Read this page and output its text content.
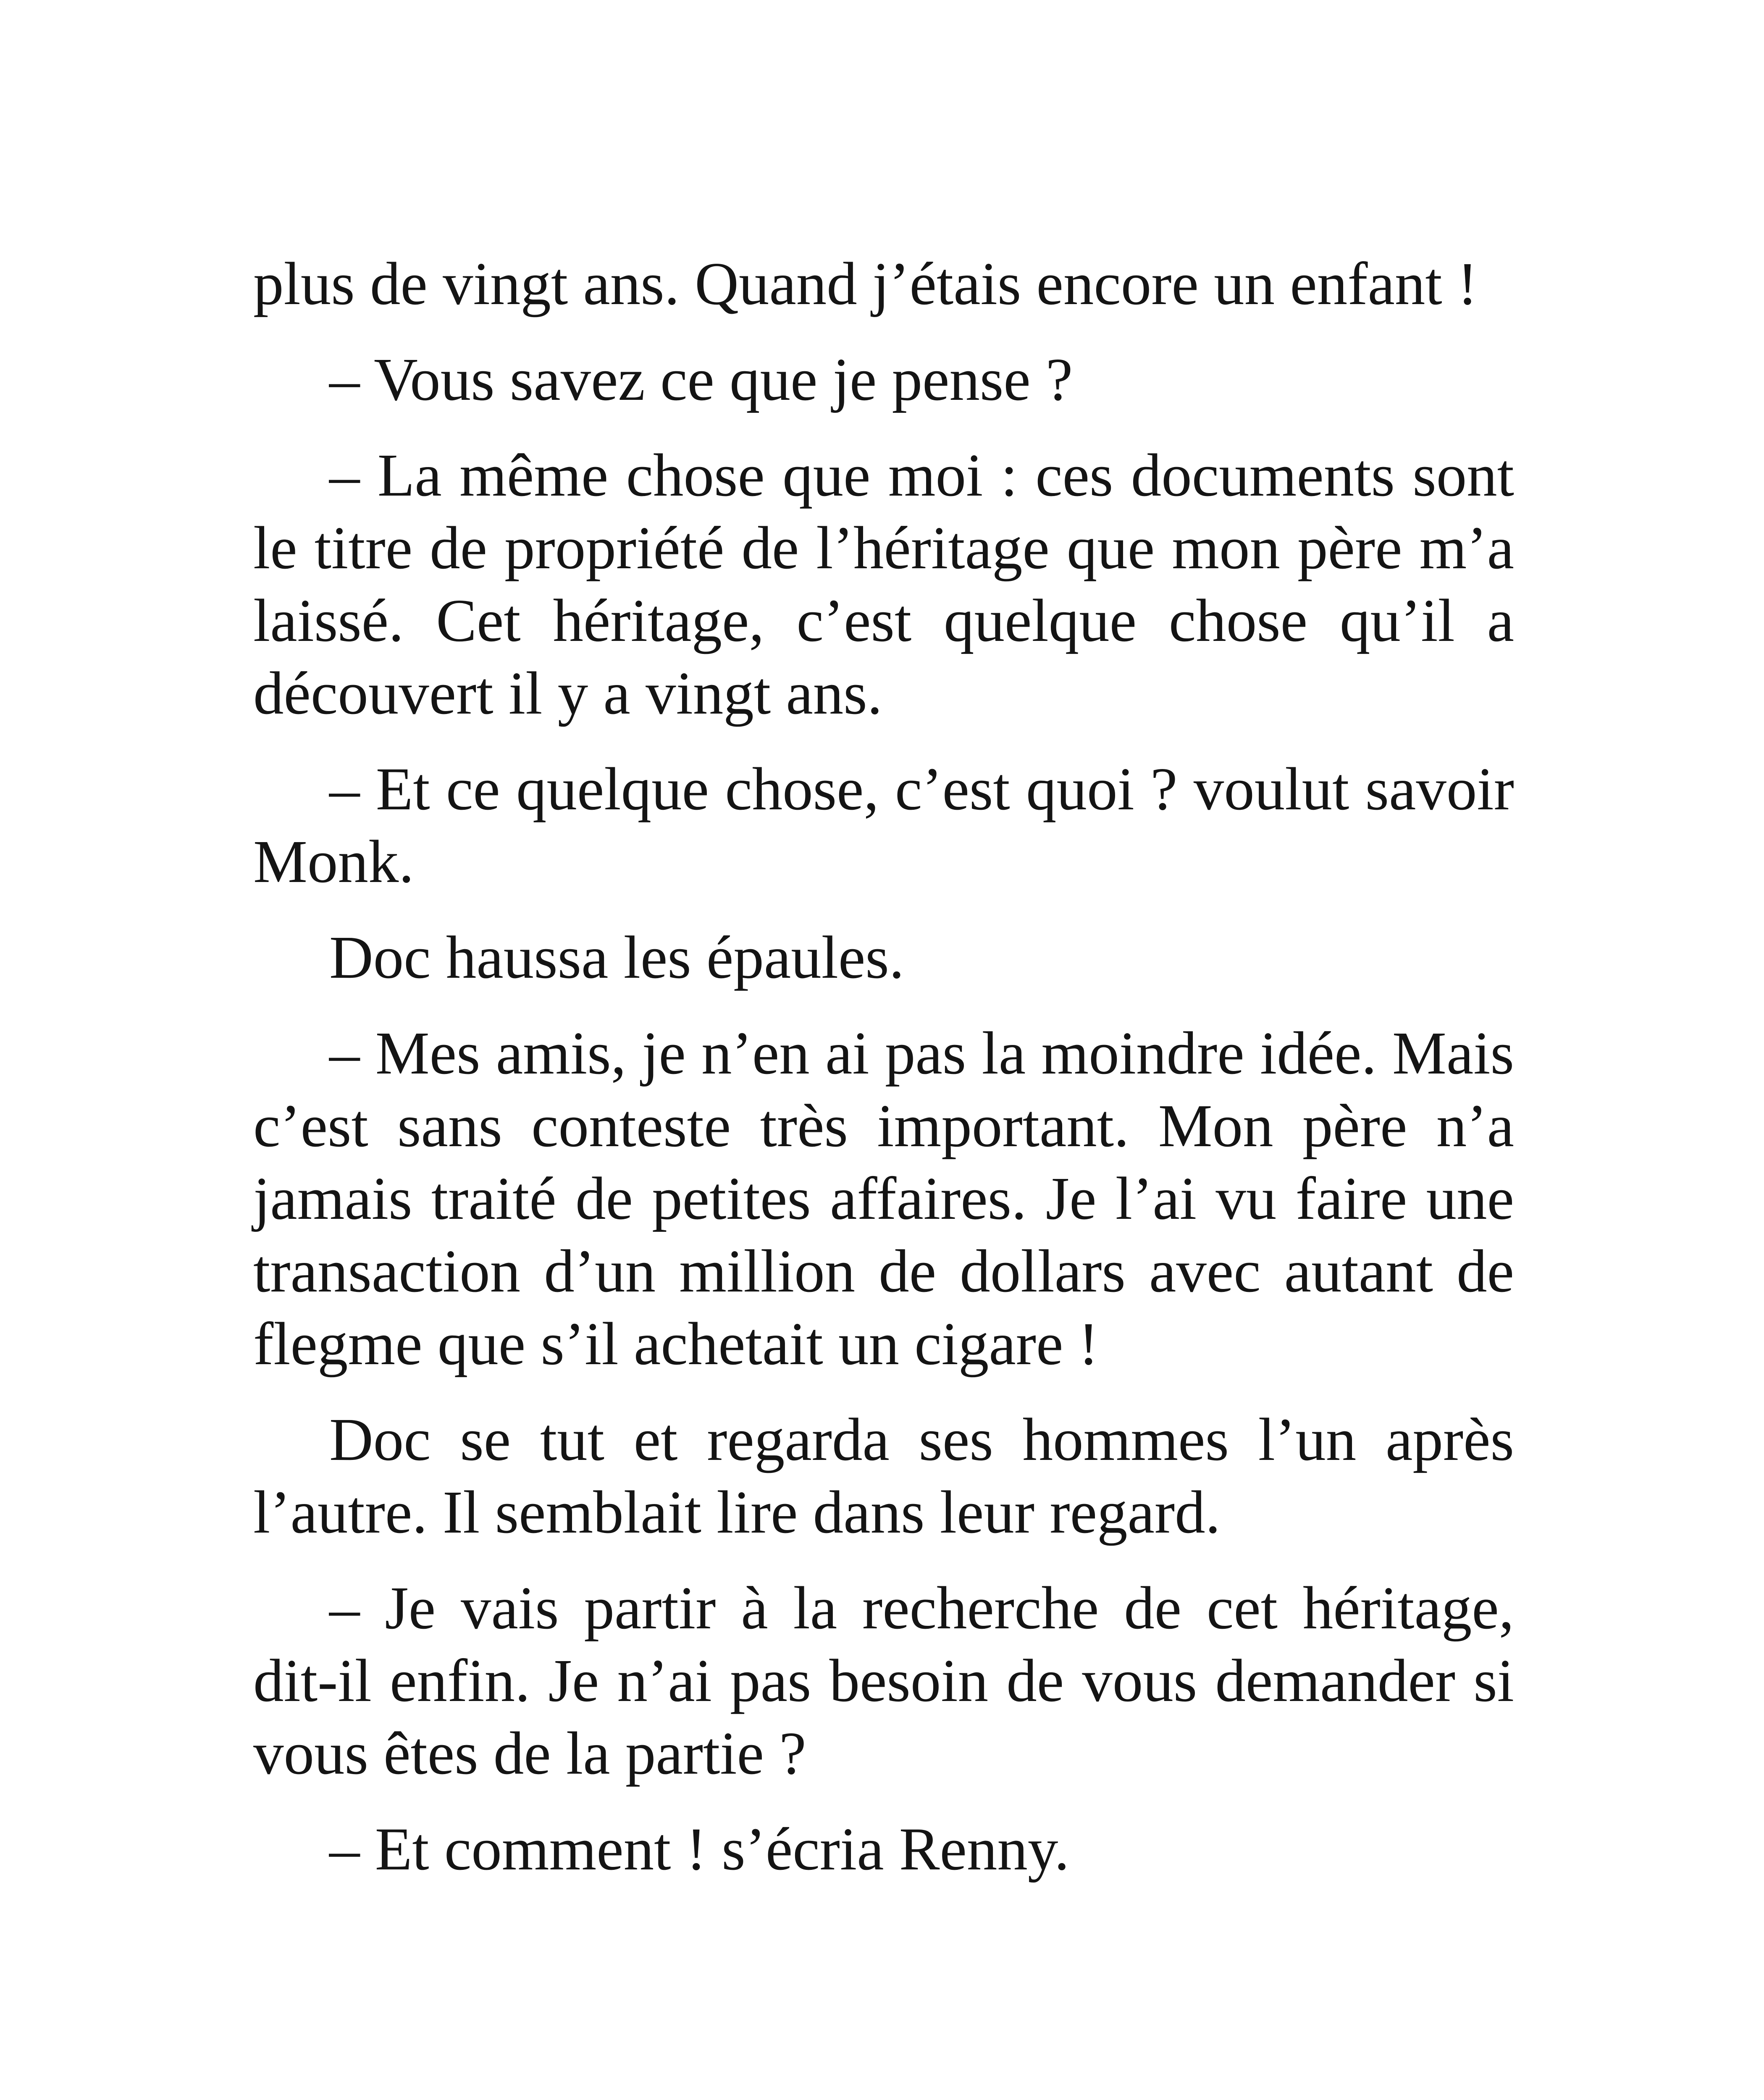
plus de vingt ans. Quand j’étais encore un enfant !

– Vous savez ce que je pense ?

– La même chose que moi : ces documents sont le titre de propriété de l’héritage que mon père m’a laissé. Cet héritage, c’est quelque chose qu’il a découvert il y a vingt ans.

– Et ce quelque chose, c’est quoi ? voulut savoir Monk.

Doc haussa les épaules.

– Mes amis, je n’en ai pas la moindre idée. Mais c’est sans conteste très important. Mon père n’a jamais traité de petites affaires. Je l’ai vu faire une transaction d’un million de dollars avec autant de flegme que s’il achetait un cigare !

Doc se tut et regarda ses hommes l’un après l’autre. Il semblait lire dans leur regard.

– Je vais partir à la recherche de cet héritage, dit-il enfin. Je n’ai pas besoin de vous demander si vous êtes de la partie ?

– Et comment ! s’écria Renny.
